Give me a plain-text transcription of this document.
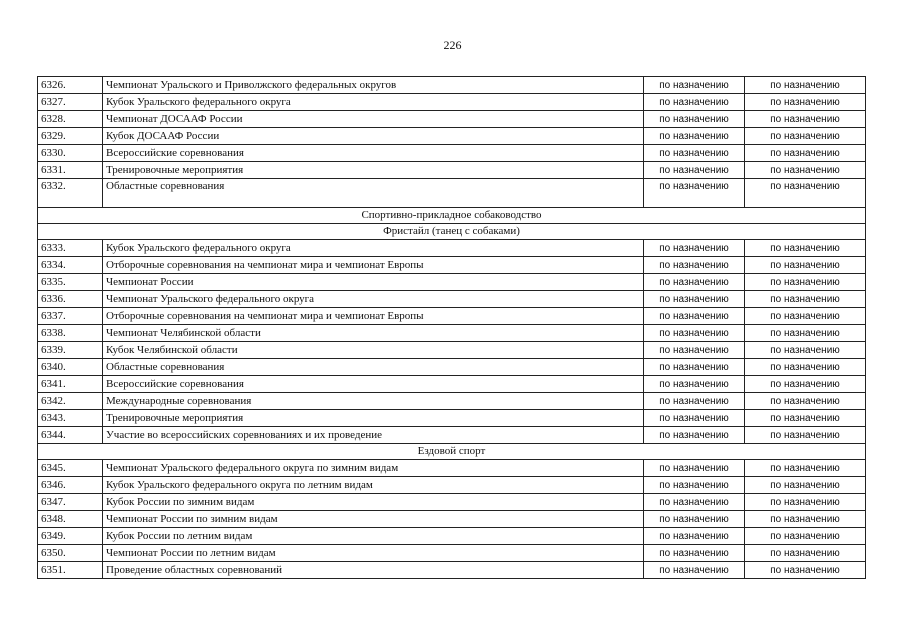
226
6326.	Чемпионат Уральского и Приволжского федеральных округов	по назначению	по назначению
6327.	Кубок Уральского федерального округа	по назначению	по назначению
6328.	Чемпионат ДОСААФ России	по назначению	по назначению
6329.	Кубок ДОСААФ России	по назначению	по назначению
6330.	Всероссийские соревнования	по назначению	по назначению
6331.	Тренировочные мероприятия	по назначению	по назначению
6332.	Областные соревнования	по назначению	по назначению
Спортивно-прикладное собаководство			
Фристайл (танец с собаками)			
6333.	Кубок Уральского федерального округа	по назначению	по назначению
6334.	Отборочные соревнования на чемпионат мира и чемпионат Европы	по назначению	по назначению
6335.	Чемпионат России	по назначению	по назначению
6336.	Чемпионат Уральского федерального округа	по назначению	по назначению
6337.	Отборочные соревнования на чемпионат мира и чемпионат Европы	по назначению	по назначению
6338.	Чемпионат Челябинской области	по назначению	по назначению
6339.	Кубок Челябинской области	по назначению	по назначению
6340.	Областные соревнования	по назначению	по назначению
6341.	Всероссийские соревнования	по назначению	по назначению
6342.	Международные соревнования	по назначению	по назначению
6343.	Тренировочные мероприятия	по назначению	по назначению
6344.	Участие во всероссийских соревнованиях и их проведение	по назначению	по назначению
Ездовой спорт			
6345.	Чемпионат Уральского федерального округа по зимним видам	по назначению	по назначению
6346.	Кубок Уральского федерального округа по летним видам	по назначению	по назначению
6347.	Кубок России по зимним видам	по назначению	по назначению
6348.	Чемпионат России по зимним видам	по назначению	по назначению
6349.	Кубок России по летним видам	по назначению	по назначению
6350.	Чемпионат России по летним видам	по назначению	по назначению
6351.	Проведение областных соревнований	по назначению	по назначению
